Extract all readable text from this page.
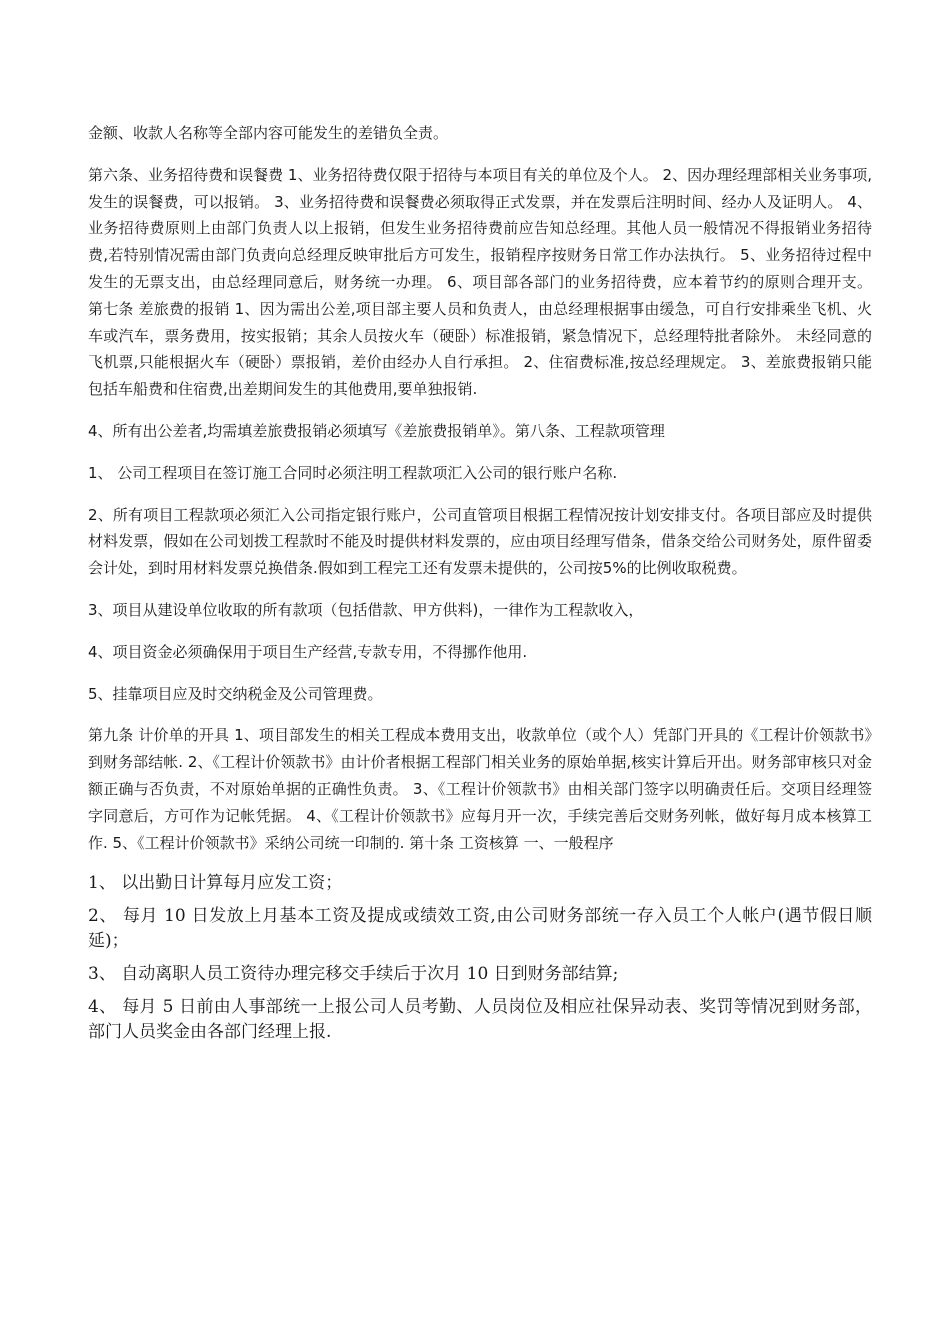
金额、收款人名称等全部内容可能发生的差错负全责。

第六条、业务招待费和误餐费 1、业务招待费仅限于招待与本项目有关的单位及个人。 2、因办理经理部相关业务事项,发生的误餐费，可以报销。 3、业务招待费和误餐费必须取得正式发票，并在发票后注明时间、经办人及证明人。 4、业务招待费原则上由部门负责人以上报销，但发生业务招待费前应告知总经理。其他人员一般情况不得报销业务招待费,若特别情况需由部门负责向总经理反映审批后方可发生，报销程序按财务日常工作办法执行。 5、业务招待过程中发生的无票支出，由总经理同意后，财务统一办理。 6、项目部各部门的业务招待费，应本着节约的原则合理开支。 第七条 差旅费的报销 1、因为需出公差,项目部主要人员和负责人，由总经理根据事由缓急，可自行安排乘坐飞机、火车或汽车，票务费用，按实报销；其余人员按火车（硬卧）标准报销，紧急情况下，总经理特批者除外。 未经同意的飞机票,只能根据火车（硬卧）票报销，差价由经办人自行承担。 2、住宿费标准,按总经理规定。 3、差旅费报销只能包括车船费和住宿费,出差期间发生的其他费用,要单独报销.

4、所有出公差者,均需填差旅费报销必须填写《差旅费报销单》。第八条、工程款项管理

1、 公司工程项目在签订施工合同时必须注明工程款项汇入公司的银行账户名称.

2、所有项目工程款项必须汇入公司指定银行账户，公司直管项目根据工程情况按计划安排支付。各项目部应及时提供材料发票，假如在公司划拨工程款时不能及时提供材料发票的，应由项目经理写借条，借条交给公司财务处，原件留委会计处，到时用材料发票兑换借条.假如到工程完工还有发票未提供的，公司按5%的比例收取税费。

3、项目从建设单位收取的所有款项（包括借款、甲方供料)，一律作为工程款收入，

4、项目资金必须确保用于项目生产经营,专款专用，不得挪作他用.

5、挂靠项目应及时交纳税金及公司管理费。

第九条 计价单的开具 1、项目部发生的相关工程成本费用支出，收款单位（或个人）凭部门开具的《工程计价领款书》到财务部结帐. 2、《工程计价领款书》由计价者根据工程部门相关业务的原始单据,核实计算后开出。财务部审核只对金额正确与否负责，不对原始单据的正确性负责。 3、《工程计价领款书》由相关部门签字以明确责任后。交项目经理签字同意后，方可作为记帐凭据。 4、《工程计价领款书》应每月开一次，手续完善后交财务列帐，做好每月成本核算工作. 5、《工程计价领款书》采纳公司统一印制的. 第十条 工资核算 一、一般程序

1、 以出勤日计算每月应发工资；

2、 每月 10 日发放上月基本工资及提成或绩效工资,由公司财务部统一存入员工个人帐户(遇节假日顺延)；

3、 自动离职人员工资待办理完移交手续后于次月 10 日到财务部结算;

4、 每月 5 日前由人事部统一上报公司人员考勤、人员岗位及相应社保异动表、奖罚等情况到财务部，部门人员奖金由各部门经理上报.
